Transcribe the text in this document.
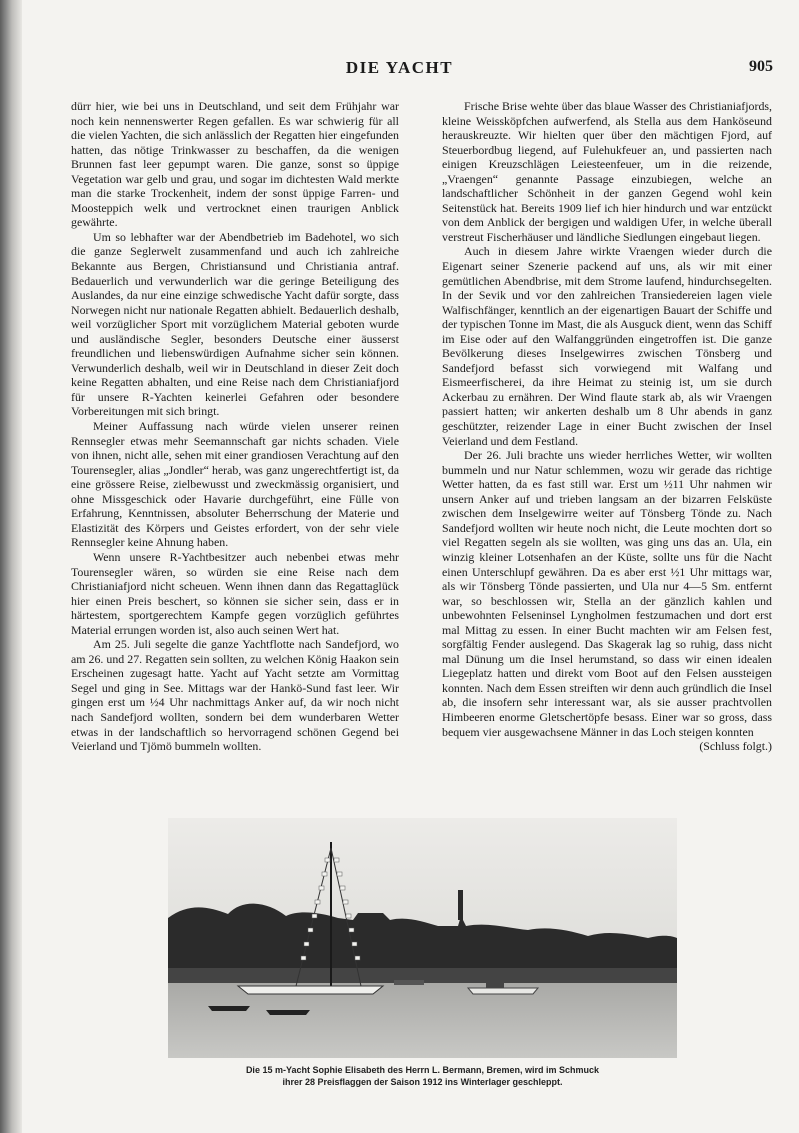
DIE YACHT	905

dürr hier, wie bei uns in Deutschland, und seit dem Frühjahr war noch kein nennenswerter Regen gefallen. Es war schwierig für all die vielen Yachten, die sich anlässlich der Regatten hier eingefunden hatten, das nötige Trinkwasser zu beschaffen, da die wenigen Brunnen fast leer gepumpt waren. Die ganze, sonst so üppige Vegetation war gelb und grau, und sogar im dichtesten Wald merkte man die starke Trockenheit, indem der sonst üppige Farren- und Moosteppich welk und vertrocknet einen traurigen Anblick gewährte.

Um so lebhafter war der Abendbetrieb im Badehotel, wo sich die ganze Seglerwelt zusammenfand und auch ich zahlreiche Bekannte aus Bergen, Christiansund und Christiania antraf. Bedauerlich und verwunderlich war die geringe Beteiligung des Auslandes, da nur eine einzige schwedische Yacht dafür sorgte, dass Norwegen nicht nur nationale Regatten abhielt. Bedauerlich deshalb, weil vorzüglicher Sport mit vorzüglichem Material geboten wurde und ausländische Segler, besonders Deutsche einer äusserst freundlichen und liebenswürdigen Aufnahme sicher sein können. Verwunderlich deshalb, weil wir in Deutschland in dieser Zeit doch keine Regatten abhalten, und eine Reise nach dem Christianiafjord für unsere R-Yachten keinerlei Gefahren oder besondere Vorbereitungen mit sich bringt.

Meiner Auffassung nach würde vielen unserer reinen Rennsegler etwas mehr Seemannschaft gar nichts schaden. Viele von ihnen, nicht alle, sehen mit einer grandiosen Verachtung auf den Tourensegler, alias „Jondler“ herab, was ganz ungerechtfertigt ist, da eine grössere Reise, zielbewusst und zweckmässig organisiert, und ohne Missgeschick oder Havarie durchgeführt, eine Fülle von Erfahrung, Kenntnissen, absoluter Beherrschung der Materie und Elastizität des Körpers und Geistes erfordert, von der sehr viele Rennsegler keine Ahnung haben.

Wenn unsere R-Yachtbesitzer auch nebenbei etwas mehr Tourensegler wären, so würden sie eine Reise nach dem Christianiafjord nicht scheuen. Wenn ihnen dann das Regattaglück hier einen Preis beschert, so können sie sicher sein, dass er in härtestem, sportgerechtem Kampfe gegen vorzüglich geführtes Material errungen worden ist, also auch seinen Wert hat.

Am 25. Juli segelte die ganze Yachtflotte nach Sandefjord, wo am 26. und 27. Regatten sein sollten, zu welchen König Haakon sein Erscheinen zugesagt hatte. Yacht auf Yacht setzte am Vormittag Segel und ging in See. Mittags war der Hankö-Sund fast leer. Wir gingen erst um ½4 Uhr nachmittags Anker auf, da wir noch nicht nach Sandefjord wollten, sondern bei dem wunderbaren Wetter etwas in der landschaftlich so hervorragend schönen Gegend bei Veierland und Tjömö bummeln wollten.

Frische Brise wehte über das blaue Wasser des Christianiafjords, kleine Weissköpfchen aufwerfend, als Stella aus dem Hanköseund herauskreuzte. Wir hielten quer über den mächtigen Fjord, auf Steuerbordbug liegend, auf Fulehukfeuer an, und passierten nach einigen Kreuzschlägen Leiesteenfeuer, um in die reizende, „Vraengen“ genannte Passage einzubiegen, welche an landschaftlicher Schönheit in der ganzen Gegend wohl kein Seitenstück hat. Bereits 1909 lief ich hier hindurch und war entzückt von dem Anblick der bergigen und waldigen Ufer, in welche überall verstreut Fischerhäuser und ländliche Siedlungen eingebaut liegen.

Auch in diesem Jahre wirkte Vraengen wieder durch die Eigenart seiner Szenerie packend auf uns, als wir mit einer gemütlichen Abendbrise, mit dem Strome laufend, hindurchsegelten. In der Sevik und vor den zahlreichen Transiedereien lagen viele Walfischfänger, kenntlich an der eigenartigen Bauart der Schiffe und der typischen Tonne im Mast, die als Ausguck dient, wenn das Schiff im Eise oder auf den Walfanggründen eingetroffen ist. Die ganze Bevölkerung dieses Inselgewirres zwischen Tönsberg und Sandefjord befasst sich vorwiegend mit Walfang und Eismeerfischerei, da ihre Heimat zu steinig ist, um sie durch Ackerbau zu ernähren. Der Wind flaute stark ab, als wir Vraengen passiert hatten; wir ankerten deshalb um 8 Uhr abends in ganz geschützter, reizender Lage in einer Bucht zwischen der Insel Veierland und dem Festland.

Der 26. Juli brachte uns wieder herrliches Wetter, wir wollten bummeln und nur Natur schlemmen, wozu wir gerade das richtige Wetter hatten, da es fast still war. Erst um ½11 Uhr nahmen wir unsern Anker auf und trieben langsam an der bizarren Felsküste zwischen dem Inselgewirre weiter auf Tönsberg Tönde zu. Nach Sandefjord wollten wir heute noch nicht, die Leute mochten dort so viel Regatten segeln als sie wollten, was ging uns das an. Ula, ein winzig kleiner Lotsenhafen an der Küste, sollte uns für die Nacht einen Unterschlupf gewähren. Da es aber erst ½1 Uhr mittags war, als wir Tönsberg Tönde passierten, und Ula nur 4—5 Sm. entfernt war, so beschlossen wir, Stella an der gänzlich kahlen und unbewohnten Felseninsel Lyngholmen festzumachen und dort erst mal Mittag zu essen. In einer Bucht machten wir am Felsen fest, sorgfältig Fender auslegend. Das Skagerak lag so ruhig, dass nicht mal Dünung um die Insel herumstand, so dass wir einen idealen Liegeplatz hatten und direkt vom Boot auf den Felsen aussteigen konnten. Nach dem Essen streiften wir denn auch gründlich die Insel ab, die insofern sehr interessant war, als sie ausser prachtvollen Himbeeren enorme Gletschertöpfe besass. Einer war so gross, dass bequem vier ausgewachsene Männer in das Loch steigen konnten

(Schluss folgt.)

Die 15 m-Yacht Sophie Elisabeth des Herrn L. Bermann, Bremen, wird im Schmuck
ihrer 28 Preisflaggen der Saison 1912 ins Winterlager geschleppt.
